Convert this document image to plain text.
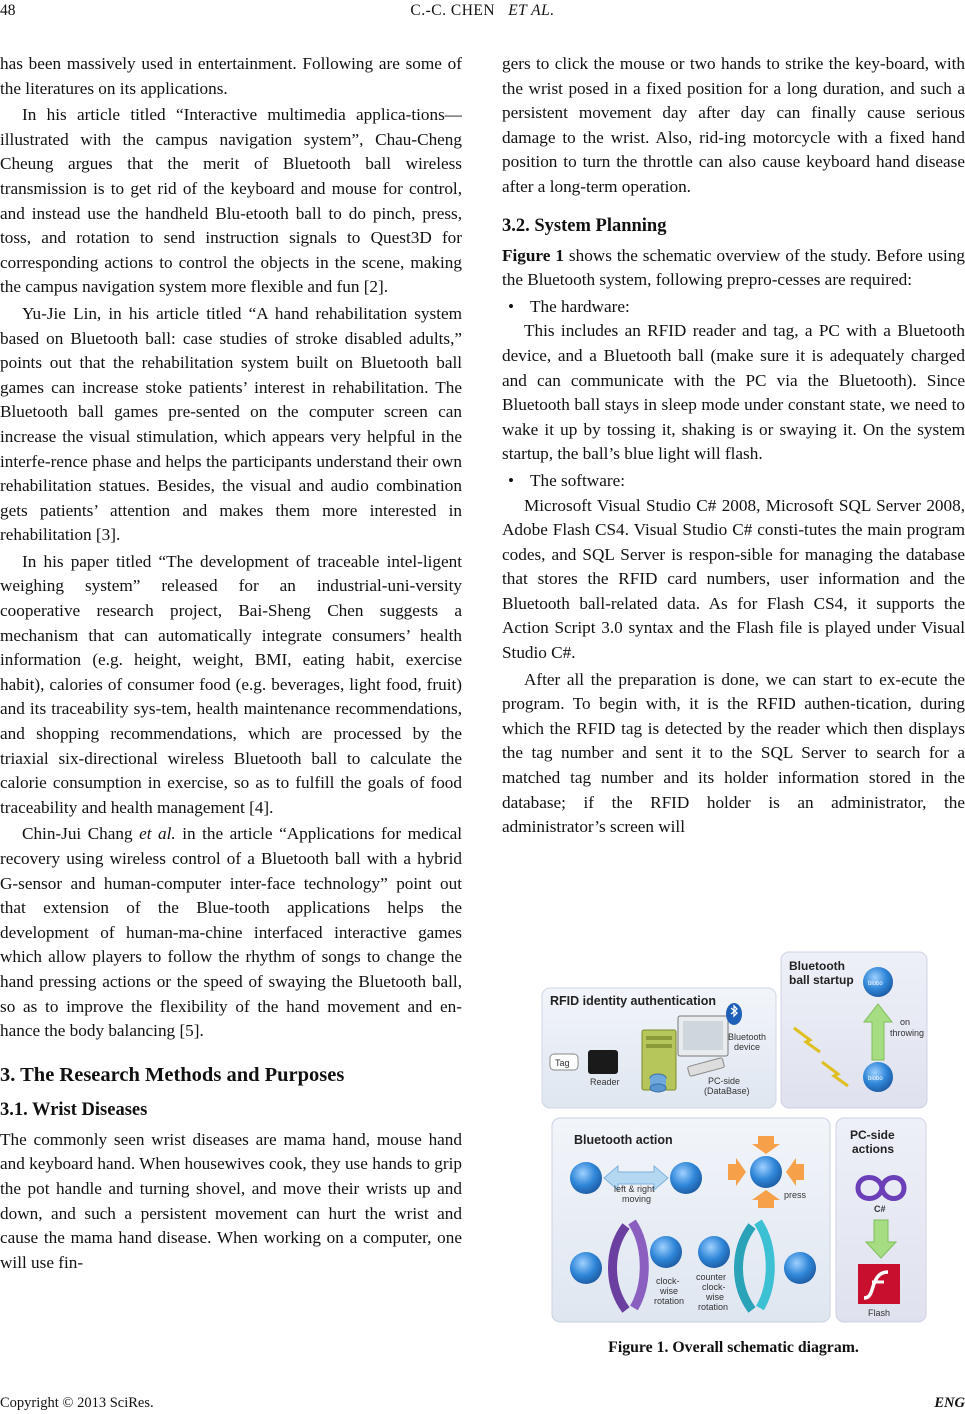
48	C.-C. CHEN ET AL.

has been massively used in entertainment. Following are some of the literatures on its applications.

In his article titled “Interactive multimedia applica-tions—illustrated with the campus navigation system”, Chau-Cheng Cheung argues that the merit of Bluetooth ball wireless transmission is to get rid of the keyboard and mouse for control, and instead use the handheld Blu-etooth ball to do pinch, press, toss, and rotation to send instruction signals to Quest3D for corresponding actions to control the objects in the scene, making the campus navigation system more flexible and fun [2].

Yu-Jie Lin, in his article titled “A hand rehabilitation system based on Bluetooth ball: case studies of stroke disabled adults,” points out that the rehabilitation system built on Bluetooth ball games can increase stoke patients’ interest in rehabilitation. The Bluetooth ball games pre-sented on the computer screen can increase the visual stimulation, which appears very helpful in the interfe-rence phase and helps the participants understand their own rehabilitation statues. Besides, the visual and audio combination gets patients’ attention and makes them more interested in rehabilitation [3].

In his paper titled “The development of traceable intel-ligent weighing system” released for an industrial-uni-versity cooperative research project, Bai-Sheng Chen suggests a mechanism that can automatically integrate consumers’ health information (e.g. height, weight, BMI, eating habit, exercise habit), calories of consumer food (e.g. beverages, light food, fruit) and its traceability sys-tem, health maintenance recommendations, and shopping recommendations, which are processed by the triaxial six-directional wireless Bluetooth ball to calculate the calorie consumption in exercise, so as to fulfill the goals of food traceability and health management [4].

Chin-Jui Chang et al. in the article “Applications for medical recovery using wireless control of a Bluetooth ball with a hybrid G-sensor and human-computer inter-face technology” point out that extension of the Blue-tooth applications helps the development of human-ma-chine interfaced interactive games which allow players to follow the rhythm of songs to change the hand pressing actions or the speed of swaying the Bluetooth ball, so as to improve the flexibility of the hand movement and en-hance the body balancing [5].

3. The Research Methods and Purposes
3.1. Wrist Diseases

The commonly seen wrist diseases are mama hand, mouse hand and keyboard hand. When housewives cook, they use hands to grip the pot handle and turning shovel, and move their wrists up and down, and such a persistent movement can hurt the wrist and cause the mama hand disease. When working on a computer, one will use fin-

gers to click the mouse or two hands to strike the key-board, with the wrist posed in a fixed position for a long duration, and such a persistent movement day after day can finally cause serious damage to the wrist. Also, rid-ing motorcycle with a fixed hand position to turn the throttle can also cause keyboard hand disease after a long-term operation.

3.2. System Planning

Figure 1 shows the schematic overview of the study. Before using the Bluetooth system, following prepro-cesses are required:

• The hardware:

This includes an RFID reader and tag, a PC with a Bluetooth device, and a Bluetooth ball (make sure it is adequately charged and can communicate with the PC via the Bluetooth). Since Bluetooth ball stays in sleep mode under constant state, we need to wake it up by tossing it, shaking is or swaying it. On the system startup, the ball’s blue light will flash.

• The software:

Microsoft Visual Studio C# 2008, Microsoft SQL Server 2008, Adobe Flash CS4. Visual Studio C# consti-tutes the main program codes, and SQL Server is respon-sible for managing the database that stores the RFID card numbers, user information and the Bluetooth ball-related data. As for Flash CS4, it supports the Action Script 3.0 syntax and the Flash file is played under Visual Studio C#.

After all the preparation is done, we can start to ex-ecute the program. To begin with, it is the RFID authen-tication, during which the RFID tag is detected by the reader which then displays the tag number and sent it to the SQL Server to search for a matched tag number and its holder information stored in the database; if the RFID holder is an administrator, the administrator’s screen will

RFID identity authentication
Tag
Reader
Bluetooth
device
PC-side
(DataBase)
Bluetooth
ball startup blobo
blobo
on
throwing
Bluetooth action
left & right
moving	press
clock-
wise
rotation
counter
clock-
wise
rotation
PC-side
actions
C#
Flash
Figure 1. Overall schematic diagram.
Copyright © 2013 SciRes.	ENG
